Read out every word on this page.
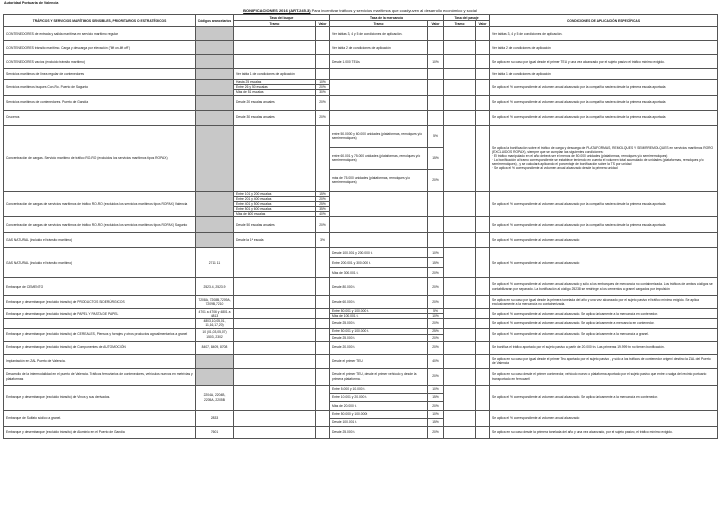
Autoridad Portuaria de Valencia
BONIFICACIONES 2016 (ART.245.3) Para incentivar tráficos y servicios marítimos que coadyuven al desarrollo económico y social
TRÁFICOS Y SERVICIOS MARÍTIMOS SENSIBLES, PRIORITARIOS O ESTRATÉGICOS	Códigos arancelarios	Tasa del buque		Tasa de la mercancía		Tasa del pasaje		CONDICIONES DE APLICACIÓN ESPECÍFICAS
		Tramo	Valor	Tramo	Valor	Tramo	Valor	
CONTENEDORES de entrada y salida marítima en servicio marítimo regular				Ver tablas 3, 4 y 5 de condiciones de aplicación.				Ver tablas 3, 4 y 5 de condiciones de aplicación.
CONTENEDORES tránsito marítimo. Carga y descarga por elevación ("lift on-lift off")				Ver tabla 2 de condiciones de aplicación				Ver tabla 2 de condiciones de aplicación
CONTENEDORES vacíos (excluido tránsito marítimo)				Desde 1.000 TEUs	10%			Se aplica en su caso por igual desde el primer TEU y una vez alcanzado por el sujeto pasivo el tráfico mínimo exigido.
Servicios marítimos de línea regular de contenedores		Ver tabla 1 de condiciones de aplicación						Ver tabla 1 de condiciones de aplicación
Servicios marítimos buques Con-Ro. Puerto de Sagunto		Hasta 25 escalas	10%					Se aplica el % correspondiente al volumen anual alcanzado por la compañía naviera desde la primera escala aportada
		Entre 26 y 50 escalas	20%					
		Más de 51 escalas	30%					
Servicios marítimos de contenedores. Puerto de Gandía		Desde 20 escalas anuales	20%					Se aplica el % correspondiente al volumen anual alcanzado por la compañía naviera desde la primera escala aportada
Cruceros		Desde 30 escalas anuales	20%					Se aplica el % correspondiente al volumen anual alcanzado por la compañía naviera desde la primera escala aportada
Concentración de cargas. Servicio marítimo de tráfico RO-RO (excluidos los servicios marítimos tipos ROPAX)				entre 50.0000 y 60.000 unidades (plataformas, remolques y/o semirremolques)	5%			Se aplica la bonificación sobre el tráfico de carga y descarga de PLATAFORMAS, REMOLQUES Y SEMIRREMOLQUES en servicios marítimos RORO (EXCLUIDOS ROPAX), siempre que se cumplan las siguientes condiciones:
· El tráfico manipulado en el año deberá ser el menos de 50.000 unidades (plataformas, remolques y/o semirremolques)
· La bonificación al tramo correspondiente se establece teniendo en cuenta el volumen total acumulado de unidades (plataformas, remolques y/o semirremolques) , y se calculará aplicando el porcentaje de bonificación sobre la TS por unidad
· Se aplica el % correspondiente al volumen anual alcanzado desde la primera unidad
				entre 60.001 y 75.000 unidades (plataformas, remolques y/o semirremolques)	15%			
				más de 75.000 unidades (plataformas, remolques y/o semirremolques)	20%			
Concentración de cargas de servicios marítimos de tráfico RO-RO (excluidos los servicios marítimos tipos ROPAX) Valencia		Entre 101 y 200 escalas	15%					Se aplica el % correspondiente al volumen anual alcanzado por la compañía naviera desde la primera escala aportada
		Entre 201 y 400 escalas	20%					
		Entre 401 y 500 escalas	25%					
		Entre 501 y 600 escalas	35%					
		Más de 600 escalas	40%					
Concentración de cargas de servicios marítimos de tráfico RO-RO (excluidos los servicios marítimos tipos ROPAX) Sagunto		Desde 50 escalas anuales	20%					Se aplica el % correspondiente al volumen anual alcanzado por la compañía naviera desde la primera escala aportada
GAS NATURAL (incluido el tránsito marítimo)		Desde la 1ª escala	3%					Se aplica el % correspondiente al volumen anual alcanzado
GAS NATURAL (incluido el tránsito marítimo)	2711 11			Desde 100.001 y 200.000 t.	10%			Se aplica el % correspondiente al volumen anual alcanzado
				Entre 200.001 y 300.000 t.	15%			
				Más de 300.001 t.	20%			
Embarque de CEMENTO	2523.4, 2523.9			Desde 80.000 t.	20%			Se aplica el % correspondiente al volumen anual alcanzado y sólo a los embarques de mercancía no containerizada. Los tráficos de ambos códigos se contabilizaran por separado. La bonificación al código 25238 se restringe a los cementos a granel cargados por impulsión
Embarque y desembarque (excluido tránsito) de PRODUCTOS SIDERÚRGICOS	7208A, 7208B,7209A, 7209B,7210			Desde 60.000 t.	20%			Se aplica en su caso por igual desde la primera tonelada del año y una vez alcanzado por el sujeto pasivo el tráfico mínimo exigido. Se aplica exclusivamente a la mercancía no containerizada.
Embarque y desembarque (excluido tránsito) de PAPEL Y PASTA DE PAPEL	4701 a 4706 y 4801 a 4813			Entre 50.001 y 100.000 t.	5%			Se aplica el % correspondiente al volumen anual alcanzado. Se aplica únicamente a la mercancía en contenedor.
				Más de 100.001 t.	10%			
	4803,10,05,01, 11,16,17,20)			Desde 25.000 t.	20%			Se aplica el % correspondiente al volumen anual alcanzado. Se aplica únicamente a mercancía en contenedor.
Embarque y desembarque (excluido tránsito) de CEREALES, Piensos y forrajes y otros productos agroalimentarios a granel	10 (01,03,05,07) 1503, 2302			Entre 50.001 y 100.000 t.	25%			Se aplica el % correspondiente al volumen anual alcanzado. Se aplica únicamente a la mercancía a granel.
				Desde 25.000 t.	20%			
Embarque y desembarque (excluido tránsito) de Componentes de AUTOMOCIÓN	8407, 8409, 8708			Desde 20.000 t.	20%			Se bonifica el tráfico aportado por el sujeto pasivo a partir de 20.000 tn. Las primeras 19.999 tn no tienen bonificación.
Implantación en ZAL Puerto de Valencia.				Desde el primer TEU	40%			Se aplica en su caso por igual desde el primer Teu aportado por el sujeto pasivo , y sólo a los tráficos de contenedor origen/ destino la ZAL del Puerto de Valencia
Desarrollo de la intermodalidad en el puerto de Valencia. Tráficos ferroviarios de contenedores, vehículos nuevos en metrívias y plataformas				Desde el primer TEU, desde el primer vehículo y desde la primera plataforma.	20%			Se aplica en su caso desde el primer contenedor, vehículo nuevo o plataforma aportado por el sujeto pasivo que entre o salga del recinto portuario transportado en ferrocarril
Embarque y desembarque (excluido tránsito) de Vinos y sus derivados.	2204A, 2204B, 2205A, 2205B			Entre 5.000 y 10.000 t.	10%			Se aplica el % correspondiente al volumen anual alcanzado. Se aplica únicamente a la mercancía en contenedor.
				Entre 10.001 y 20.000 t.	15%			
				Más de 20.000 t.	20%			
Embarque de Sulfato sódico a granel.	2833			Entre 50.000 y 100.000t	10%			Se aplica el % correspondiente al volumen anual alcanzado
				Desde 100.001 t.	15%			
Embarque y desembarque (excluido tránsito) de Aluminio en el Puerto de Gandía	7601			Desde 25.000 t.	20%			Se aplica en su caso desde la primera tonelada del año y una vez alcanzado, por el sujeto pasivo, el tráfico mínimo exigido.
